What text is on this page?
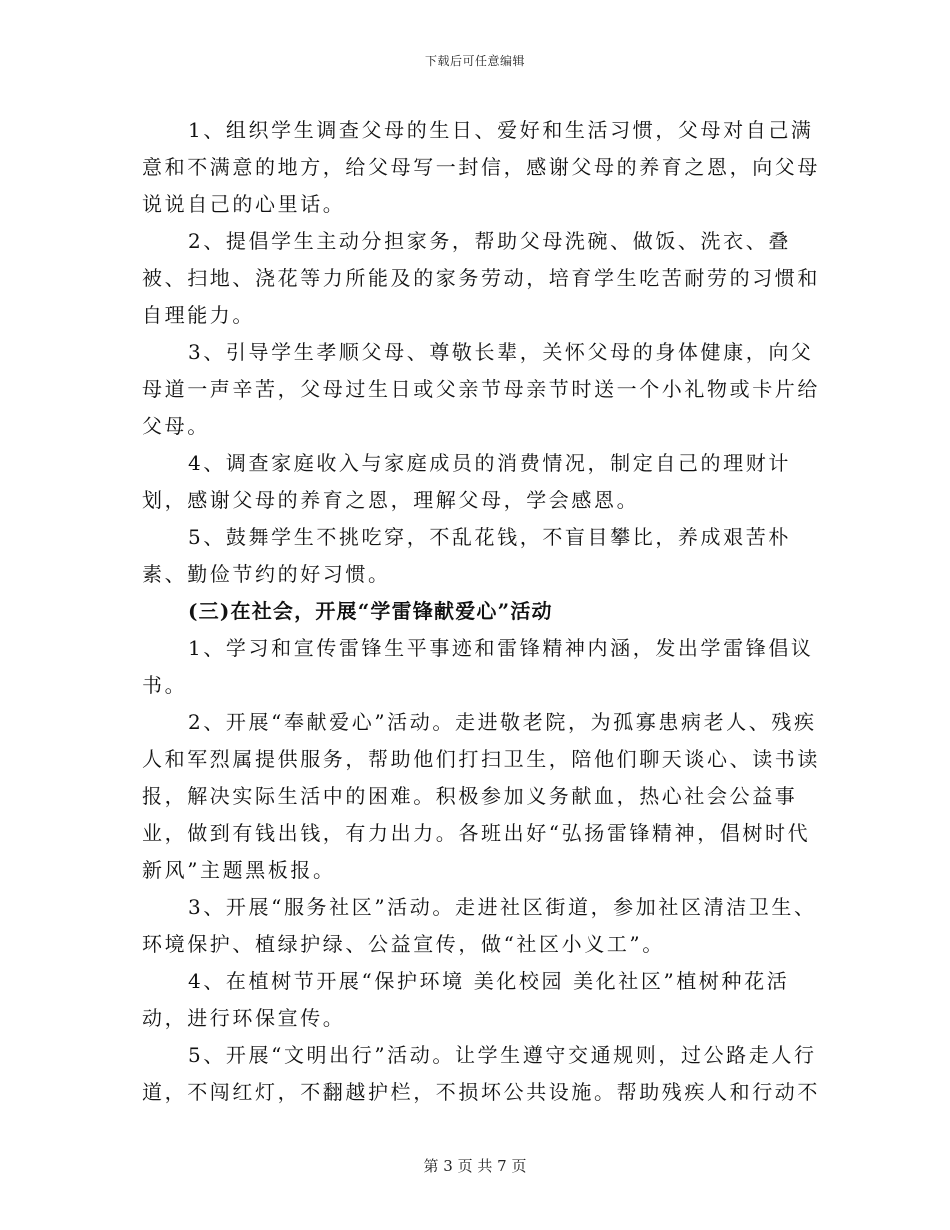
下载后可任意编辑

1、组织学生调查父母的生日、爱好和生活习惯，父母对自己满意和不满意的地方，给父母写一封信，感谢父母的养育之恩，向父母说说自己的心里话。

2、提倡学生主动分担家务，帮助父母洗碗、做饭、洗衣、叠被、扫地、浇花等力所能及的家务劳动，培育学生吃苦耐劳的习惯和自理能力。

3、引导学生孝顺父母、尊敬长辈，关怀父母的身体健康，向父母道一声辛苦，父母过生日或父亲节母亲节时送一个小礼物或卡片给父母。

4、调查家庭收入与家庭成员的消费情况，制定自己的理财计划，感谢父母的养育之恩，理解父母，学会感恩。

5、鼓舞学生不挑吃穿，不乱花钱，不盲目攀比，养成艰苦朴素、勤俭节约的好习惯。

(三)在社会，开展“学雷锋献爱心”活动

1、学习和宣传雷锋生平事迹和雷锋精神内涵，发出学雷锋倡议书。

2、开展“奉献爱心”活动。走进敬老院，为孤寡患病老人、残疾人和军烈属提供服务，帮助他们打扫卫生，陪他们聊天谈心、读书读报，解决实际生活中的困难。积极参加义务献血，热心社会公益事业，做到有钱出钱，有力出力。各班出好“弘扬雷锋精神，倡树时代新风”主题黑板报。

3、开展“服务社区”活动。走进社区街道，参加社区清洁卫生、环境保护、植绿护绿、公益宣传，做“社区小义工”。

4、在植树节开展“保护环境 美化校园 美化社区”植树种花活动，进行环保宣传。

5、开展“文明出行”活动。让学生遵守交通规则，过公路走人行道，不闯红灯，不翻越护栏，不损坏公共设施。帮助残疾人和行动不

第 3 页 共 7 页
